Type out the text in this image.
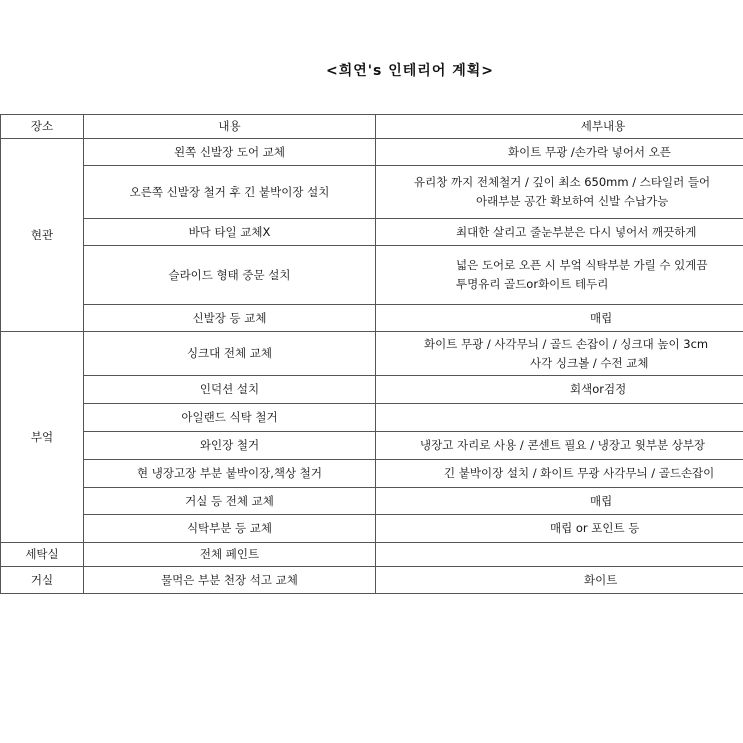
<희연's 인테리어 계획>
장소	내용	세부내용
현관	왼쪽 신발장 도어 교체	화이트 무광 /손가락 넣어서 오픈

	오른쪽 신발장 철거 후 긴 붙박이장 설치	유리창 까지 전체철거 / 깊이 최소 650mm / 스타일러 들어
아래부분 공간 확보하여 신발 수납가능

	바닥 타일 교체X	최대한 살리고 줄눈부분은 다시 넣어서 깨끗하게

	슬라이드 형태 중문 설치	넓은 도어로 오픈 시 부엌 식탁부분 가릴 수 있게끔
투명유리 골드or화이트 테두리

	신발장 등 교체	매립

부엌	싱크대 전체 교체	화이트 무광 / 사각무늬 / 골드 손잡이 / 싱크대 높이 3cm
사각 싱크볼 / 수전 교체

	인덕션 설치	회색or검정

	아일랜드 식탁 철거	

	와인장 철거	냉장고 자리로 사용 / 콘센트 필요 / 냉장고 윗부분 상부장

	현 냉장고장 부분 붙박이장,책상 철거	긴 붙박이장 설치 / 화이트 무광 사각무늬 / 골드손잡이

	거실 등 전체 교체	매립

	식탁부분 등 교체	매립 or 포인트 등

세탁실	전체 페인트	

거실	물먹은 부분 천장 석고 교체	화이트
